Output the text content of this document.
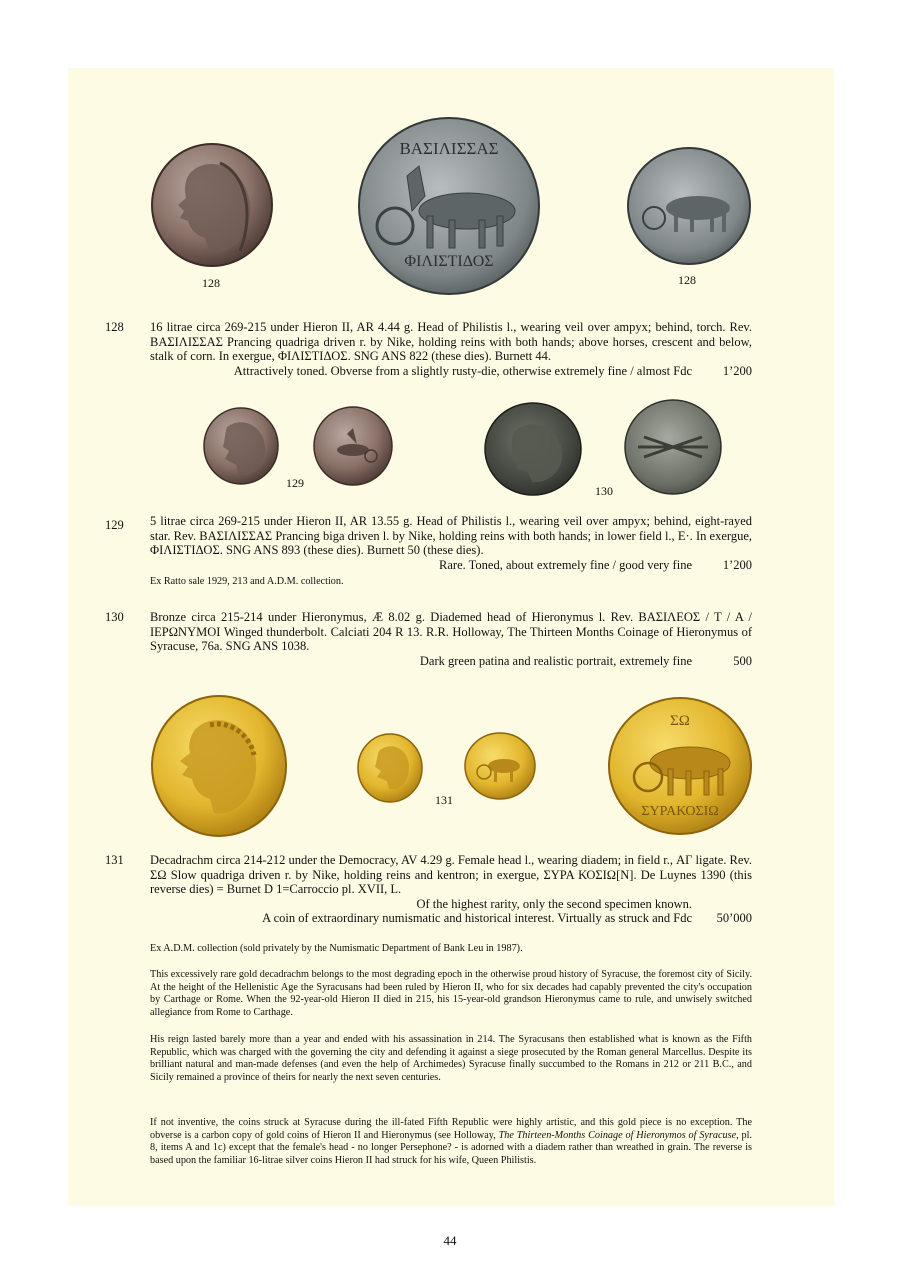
ΒΑΣΙΛΙΣΣΑΣ
ΦΙΛΙΣΤΙΔΟΣ
128	128
128 16 litrae circa 269-215 under Hieron II, AR 4.44 g. Head of Philistis l., wearing veil over ampyx; behind, torch. Rev. ΒΑΣΙΛΙΣΣΑΣ Prancing quadriga driven r. by Nike, holding reins with both hands; above horses, crescent and below, stalk of corn. In exergue, ΦΙΛΙΣΤΙΔΟΣ. SNG ANS 822 (these dies). Burnett 44.
Attractively toned. Obverse from a slightly rusty-die, otherwise extremely fine / almost Fdc	1’200
129
130
129 5 litrae circa 269-215 under Hieron II, AR 13.55 g. Head of Philistis l., wearing veil over ampyx; behind, eight-rayed star. Rev. ΒΑΣΙΛΙΣΣΑΣ Prancing biga driven l. by Nike, holding reins with both hands; in lower field l., E·. In exergue, ΦΙΛΙΣΤΙΔΟΣ. SNG ANS 893 (these dies). Burnett 50 (these dies).
Rare. Toned, about extremely fine / good very fine	1’200
Ex Ratto sale 1929, 213 and A.D.M. collection.
130 Bronze circa 215-214 under Hieronymus, Æ 8.02 g. Diademed head of Hieronymus l. Rev. ΒΑΣΙΛΕΟΣ / Τ / Α / ΙΕΡΩΝΥΜΟΙ Winged thunderbolt. Calciati 204 R 13. R.R. Holloway, The Thirteen Months Coinage of Hieronymus of Syracuse, 76a. SNG ANS 1038.
Dark green patina and realistic portrait, extremely fine	500
ΣΩ
ΣΥΡΑΚΟΣΙΩ
131
131 Decadrachm circa 214-212 under the Democracy, AV 4.29 g. Female head l., wearing diadem; in field r., ΑΓ ligate. Rev. ΣΩ Slow quadriga driven r. by Nike, holding reins and kentron; in exergue, ΣΥΡΑ ΚΟΣΙΩ[Ν]. De Luynes 1390 (this reverse dies) = Burnet D 1=Carroccio pl. XVII, L.
Of the highest rarity, only the second specimen known.
A coin of extraordinary numismatic and historical interest. Virtually as struck and Fdc	50’000
Ex A.D.M. collection (sold privately by the Numismatic Department of Bank Leu in 1987).
This excessively rare gold decadrachm belongs to the most degrading epoch in the otherwise proud history of Syracuse, the foremost city of Sicily. At the height of the Hellenistic Age the Syracusans had been ruled by Hieron II, who for six decades had capably prevented the city's occupation by Carthage or Rome. When the 92-year-old Hieron II died in 215, his 15-year-old grandson Hieronymus came to rule, and unwisely switched allegiance from Rome to Carthage.
His reign lasted barely more than a year and ended with his assassination in 214. The Syracusans then established what is known as the Fifth Republic, which was charged with the governing the city and defending it against a siege prosecuted by the Roman general Marcellus. Despite its brilliant natural and man-made defenses (and even the help of Archimedes) Syracuse finally succumbed to the Romans in 212 or 211 B.C., and Sicily remained a province of theirs for nearly the next seven centuries.
If not inventive, the coins struck at Syracuse during the ill-fated Fifth Republic were highly artistic, and this gold piece is no exception. The obverse is a carbon copy of gold coins of Hieron II and Hieronymus (see Holloway, The Thirteen-Months Coinage of Hieronymos of Syracuse, pl. 8, items A and 1c) except that the female's head - no longer Persephone? - is adorned with a diadem rather than wreathed in grain. The reverse is based upon the familiar 16-litrae silver coins Hieron II had struck for his wife, Queen Philistis.
44
